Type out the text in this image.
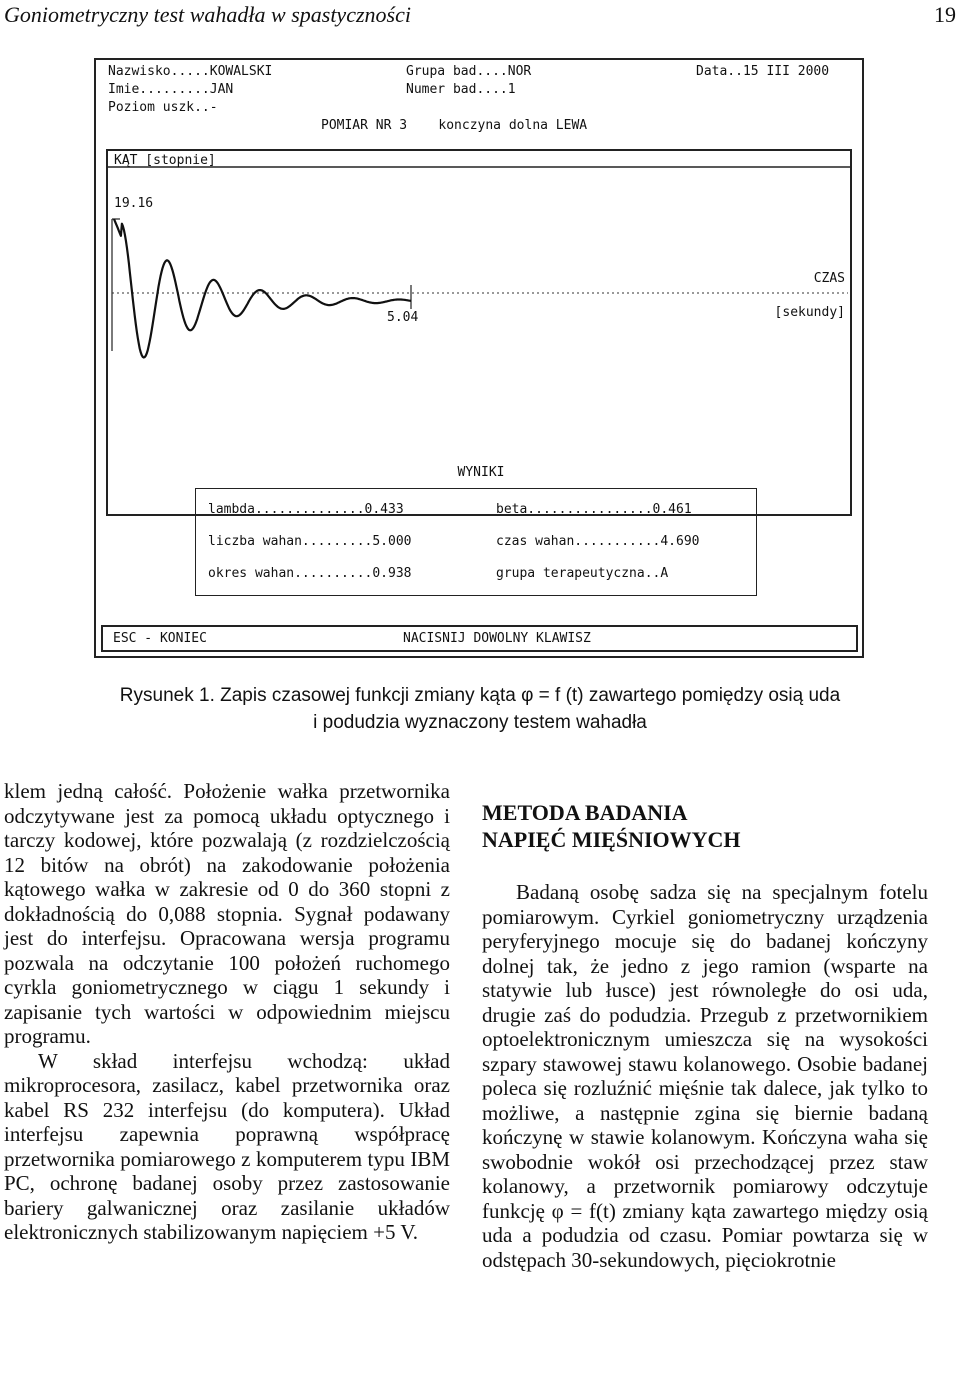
Goniometryczny test wahadła w spastyczności	19
Nazwisko.....KOWALSKI	Grupa bad....NOR	Data..15 III 2000
Imie.........JAN	Numer bad....1
Poziom uszk..-
POMIAR NR 3    konczyna dolna LEWA
KĄT [stopnie]
19.16
CZAS
[sekundy]
5.04
WYNIKI
lambda..............0.433	beta................0.461
liczba wahan.........5.000	czas wahan...........4.690
okres wahan..........0.938	grupa terapeutyczna..A
ESC - KONIEC	NACISNIJ DOWOLNY KLAWISZ
Rysunek 1. Zapis czasowej funkcji zmiany kąta φ = f (t) zawartego pomiędzy osią uda
i podudzia wyznaczony testem wahadła

klem jedną całość. Położenie wałka przetwornika odczytywane jest za pomocą układu optycznego i tarczy kodowej, które pozwalają (z rozdzielczością 12 bitów na obrót) na zakodowanie położenia kątowego wałka w zakresie od 0 do 360 stopni z dokładnością do 0,088 stopnia. Sygnał podawany jest do interfejsu. Opracowana wersja programu pozwala na odczytanie 100 położeń ruchomego cyrkla goniometrycznego w ciągu 1 sekundy i zapisanie tych wartości w odpowiednim miejscu programu.

W skład interfejsu wchodzą: układ mikroprocesora, zasilacz, kabel przetwornika oraz kabel RS 232 interfejsu (do komputera). Układ interfejsu zapewnia poprawną współpracę przetwornika pomiarowego z komputerem typu IBM PC, ochronę badanej osoby przez zastosowanie bariery galwanicznej oraz zasilanie układów elektronicznych stabilizowanym napięciem +5 V.

METODA BADANIA
NAPIĘĆ MIĘŚNIOWYCH

Badaną osobę sadza się na specjalnym fotelu pomiarowym. Cyrkiel goniometryczny urządzenia peryferyjnego mocuje się do badanej kończyny dolnej tak, że jedno z jego ramion (wsparte na statywie lub łusce) jest równoległe do osi uda, drugie zaś do podudzia. Przegub z przetwornikiem optoelektronicznym umieszcza się na wysokości szpary stawowej stawu kolanowego. Osobie badanej poleca się rozluźnić mięśnie tak dalece, jak tylko to możliwe, a następnie zgina się biernie badaną kończynę w stawie kolanowym. Kończyna waha się swobodnie wokół osi przechodzącej przez staw kolanowy, a przetwornik pomiarowy odczytuje funkcję φ = f(t) zmiany kąta zawartego między osią uda a podudzia od czasu. Pomiar powtarza się w odstępach 30-sekundowych, pięciokrotnie
